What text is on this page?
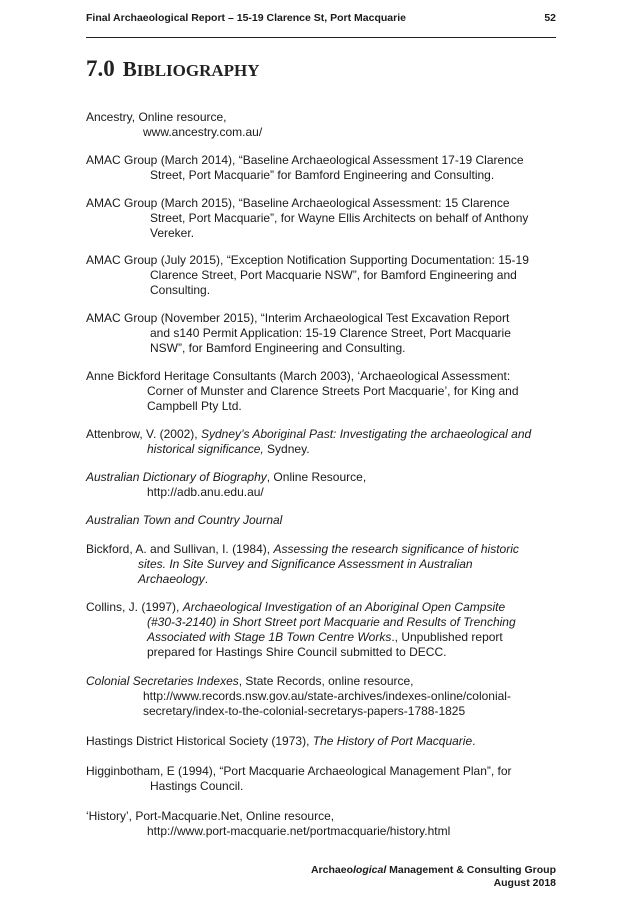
Final Archaeological Report – 15-19 Clarence St, Port Macquarie	52
7.0 BIBLIOGRAPHY
Ancestry, Online resource,
www.ancestry.com.au/
AMAC Group (March 2014), “Baseline Archaeological Assessment 17-19 Clarence
Street, Port Macquarie” for Bamford Engineering and Consulting.
AMAC Group (March 2015), “Baseline Archaeological Assessment: 15 Clarence
Street, Port Macquarie”, for Wayne Ellis Architects on behalf of Anthony
Vereker.
AMAC Group (July 2015), “Exception Notification Supporting Documentation: 15-19
Clarence Street, Port Macquarie NSW”, for Bamford Engineering and
Consulting.
AMAC Group (November 2015), “Interim Archaeological Test Excavation Report
and s140 Permit Application: 15-19 Clarence Street, Port Macquarie
NSW”, for Bamford Engineering and Consulting.
Anne Bickford Heritage Consultants (March 2003), ‘Archaeological Assessment:
Corner of Munster and Clarence Streets Port Macquarie’, for King and
Campbell Pty Ltd.
Attenbrow, V. (2002), Sydney’s Aboriginal Past: Investigating the archaeological and
historical significance, Sydney.
Australian Dictionary of Biography, Online Resource,
http://adb.anu.edu.au/
Australian Town and Country Journal
Bickford, A. and Sullivan, I. (1984), Assessing the research significance of historic
sites. In Site Survey and Significance Assessment in Australian
Archaeology.
Collins, J. (1997), Archaeological Investigation of an Aboriginal Open Campsite
(#30-3-2140) in Short Street port Macquarie and Results of Trenching
Associated with Stage 1B Town Centre Works., Unpublished report
prepared for Hastings Shire Council submitted to DECC.
Colonial Secretaries Indexes, State Records, online resource,
http://www.records.nsw.gov.au/state-archives/indexes-online/colonial-
secretary/index-to-the-colonial-secretarys-papers-1788-1825
Hastings District Historical Society (1973), The History of Port Macquarie.
Higginbotham, E (1994), “Port Macquarie Archaeological Management Plan”, for
Hastings Council.
‘History’, Port-Macquarie.Net, Online resource,
http://www.port-macquarie.net/portmacquarie/history.html
Archaeological Management & Consulting Group
August 2018
